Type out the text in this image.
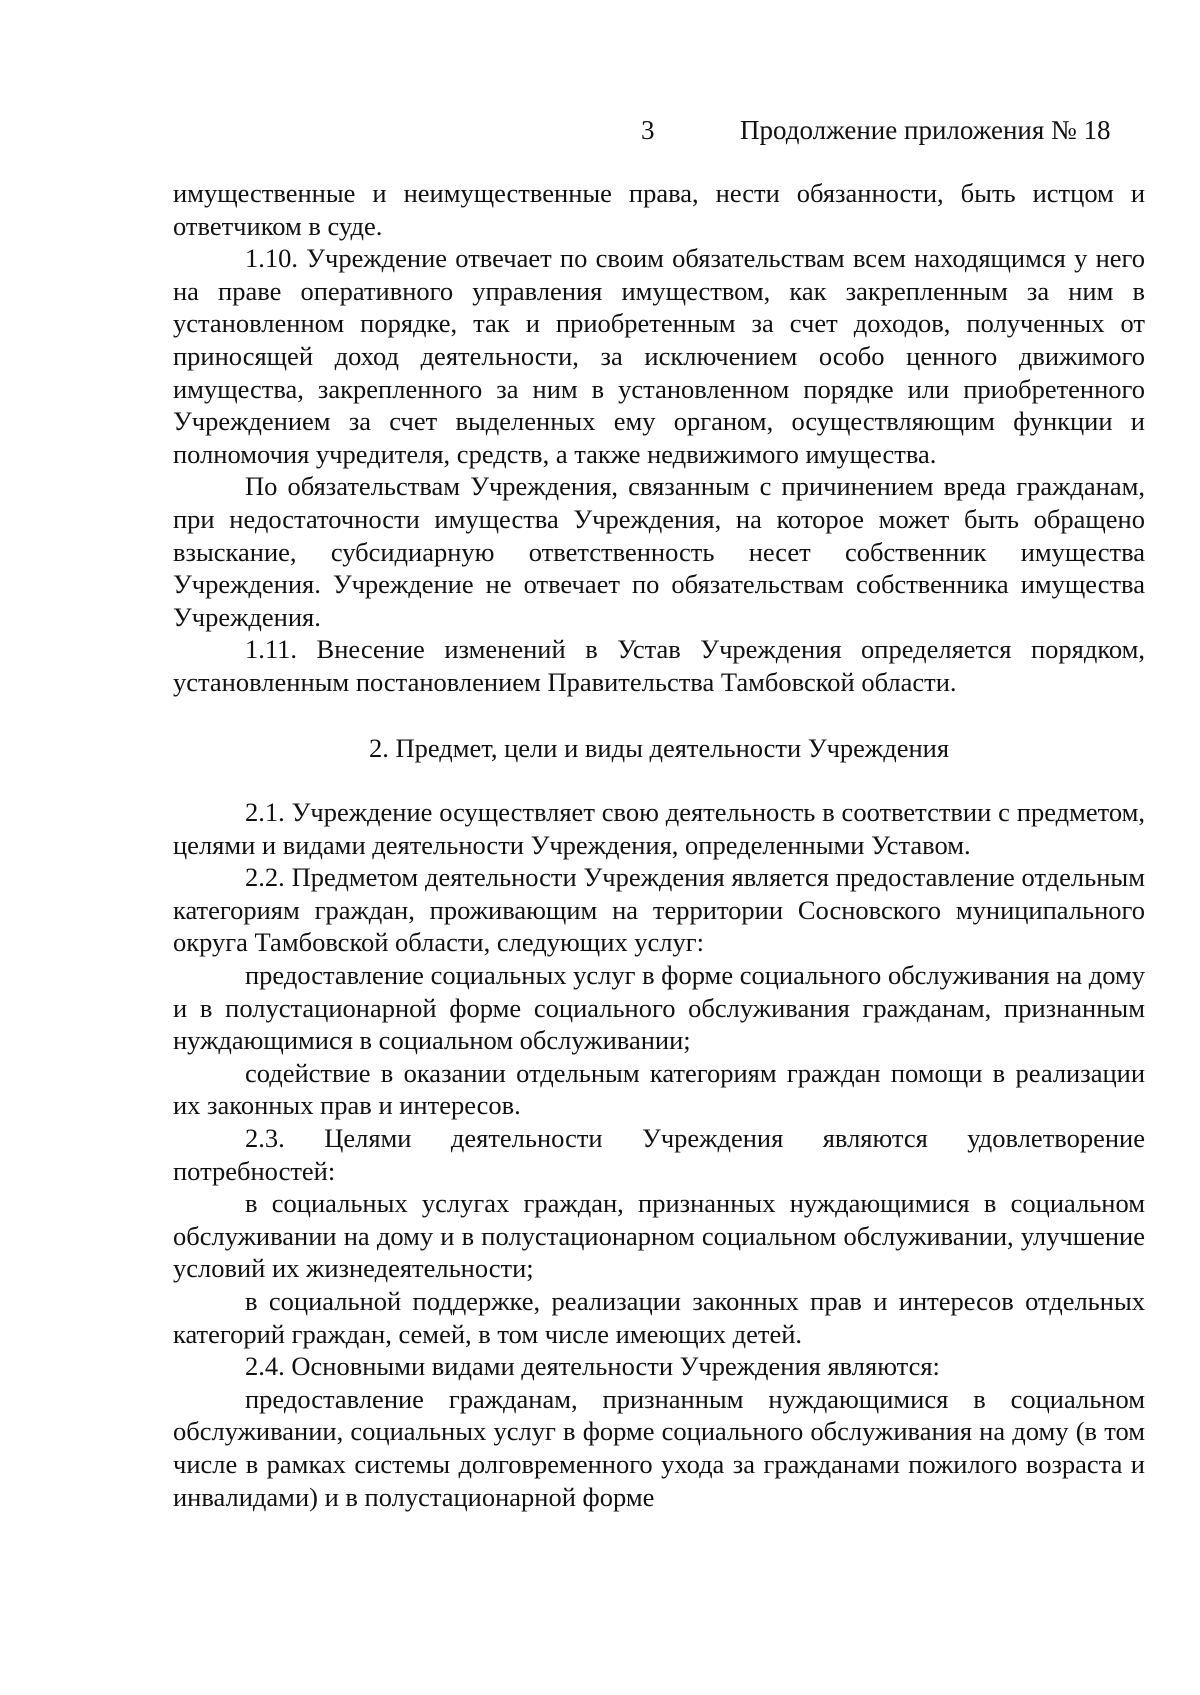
3	Продолжение приложения № 18

имущественные и неимущественные права, нести обязанности, быть истцом и ответчиком в суде.

1.10. Учреждение отвечает по своим обязательствам всем находящимся у него на праве оперативного управления имуществом, как закрепленным за ним в установленном порядке, так и приобретенным за счет доходов, полученных от приносящей доход деятельности, за исключением особо ценного движимого имущества, закрепленного за ним в установленном порядке или приобретенного Учреждением за счет выделенных ему органом, осуществляющим функции и полномочия учредителя, средств, а также недвижимого имущества.

По обязательствам Учреждения, связанным с причинением вреда гражданам, при недостаточности имущества Учреждения, на которое может быть обращено взыскание, субсидиарную ответственность несет собственник имущества Учреждения. Учреждение не отвечает по обязательствам собственника имущества Учреждения.

1.11. Внесение изменений в Устав Учреждения определяется порядком, установленным постановлением Правительства Тамбовской области.

2. Предмет, цели и виды деятельности Учреждения

2.1. Учреждение осуществляет свою деятельность в соответствии с предметом, целями и видами деятельности Учреждения, определенными Уставом.

2.2. Предметом деятельности Учреждения является предоставление отдельным категориям граждан, проживающим на территории Сосновского муниципального округа Тамбовской области, следующих услуг:

предоставление социальных услуг в форме социального обслуживания на дому и в полустационарной форме социального обслуживания гражданам, признанным нуждающимися в социальном обслуживании;

содействие в оказании отдельным категориям граждан помощи в реализации их законных прав и интересов.

2.3. Целями деятельности Учреждения являются удовлетворение потребностей:

в социальных услугах граждан, признанных нуждающимися в социальном обслуживании на дому и в полустационарном социальном обслуживании, улучшение условий их жизнедеятельности;

в социальной поддержке, реализации законных прав и интересов отдельных категорий граждан, семей, в том числе имеющих детей.

2.4. Основными видами деятельности Учреждения являются:

предоставление гражданам, признанным нуждающимися в социальном обслуживании, социальных услуг в форме социального обслуживания на дому (в том числе в рамках системы долговременного ухода за гражданами пожилого возраста и инвалидами) и в полустационарной форме
